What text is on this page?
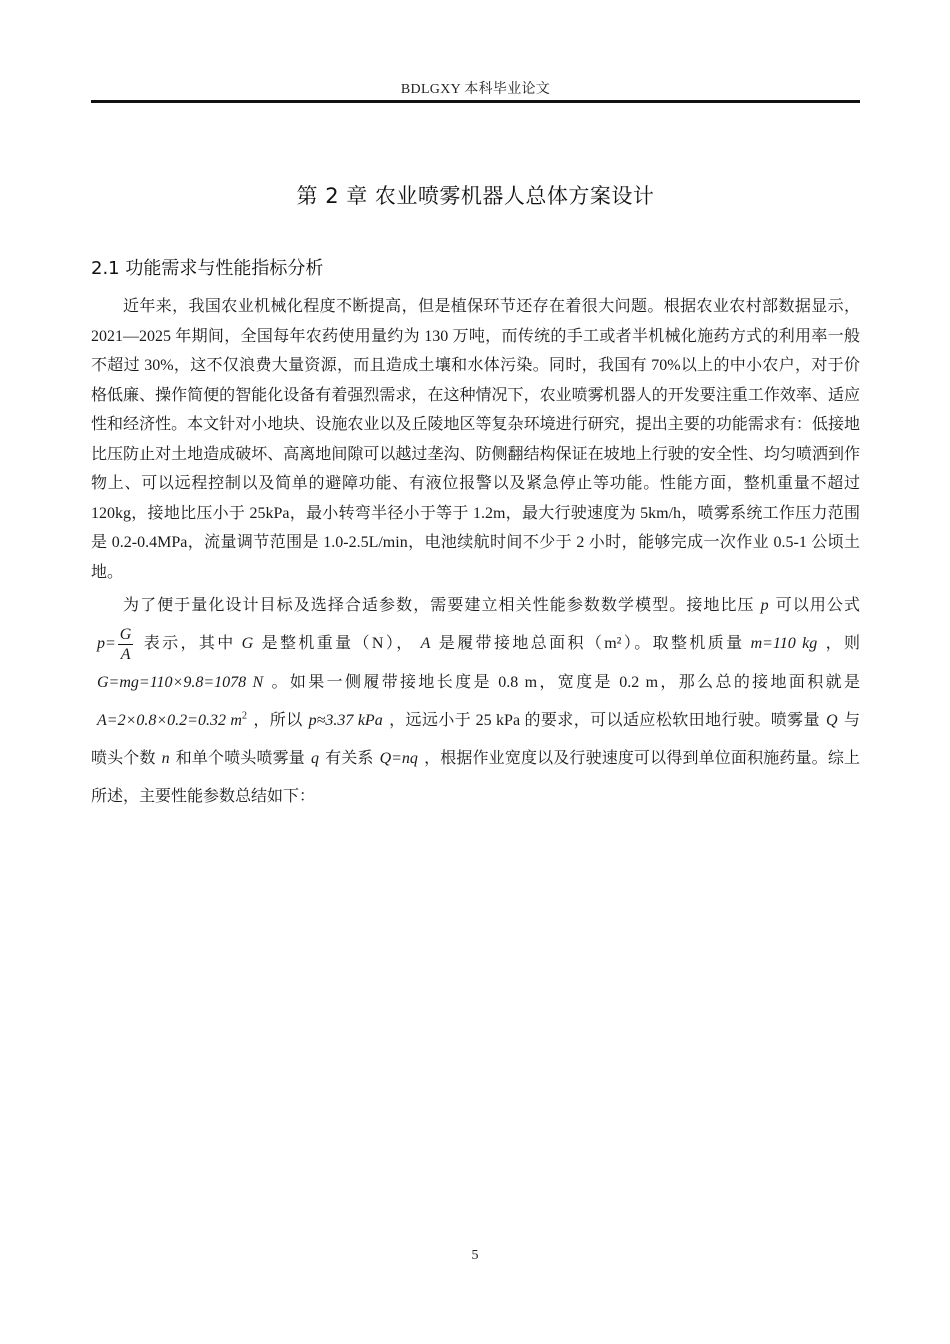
BDLGXY 本科毕业论文
第 2 章 农业喷雾机器人总体方案设计
2.1 功能需求与性能指标分析

近年来，我国农业机械化程度不断提高，但是植保环节还存在着很大问题。根据农业农村部数据显示，2021—2025 年期间，全国每年农药使用量约为 130 万吨，而传统的手工或者半机械化施药方式的利用率一般不超过 30%，这不仅浪费大量资源，而且造成土壤和水体污染。同时，我国有 70%以上的中小农户，对于价格低廉、操作简便的智能化设备有着强烈需求，在这种情况下，农业喷雾机器人的开发要注重工作效率、适应性和经济性。本文针对小地块、设施农业以及丘陵地区等复杂环境进行研究，提出主要的功能需求有：低接地比压防止对土地造成破坏、高离地间隙可以越过垄沟、防侧翻结构保证在坡地上行驶的安全性、均匀喷洒到作物上、可以远程控制以及简单的避障功能、有液位报警以及紧急停止等功能。性能方面，整机重量不超过 120kg，接地比压小于 25kPa，最小转弯半径小于等于 1.2m，最大行驶速度为 5km/h，喷雾系统工作压力范围是 0.2-0.4MPa，流量调节范围是 1.0-2.5L/min，电池续航时间不少于 2 小时，能够完成一次作业 0.5-1 公顷土地。

为了便于量化设计目标及选择合适参数，需要建立相关性能参数数学模型。接地比压 p 可以用公式$p= \frac{G}{A}$ 表示，其中 G 是整机重量（N）， A 是履带接地总面积（m²）。取整机质量 m=110 kg ，则G=mg=110×9.8=1078 N 。如果一侧履带接地长度是 0.8 m，宽度是 0.2 m，那么总的接地面积就是A=2×0.8×0.2=0.32 $m^2$ ，所以 p≈3.37 kPa ，远远小于 25 kPa 的要求，可以适应松软田地行驶。喷雾量 Q 与喷头个数 n 和单个喷头喷雾量 q 有关系 Q=nq ，根据作业宽度以及行驶速度可以得到单位面积施药量。综上所述，主要性能参数总结如下：

5
